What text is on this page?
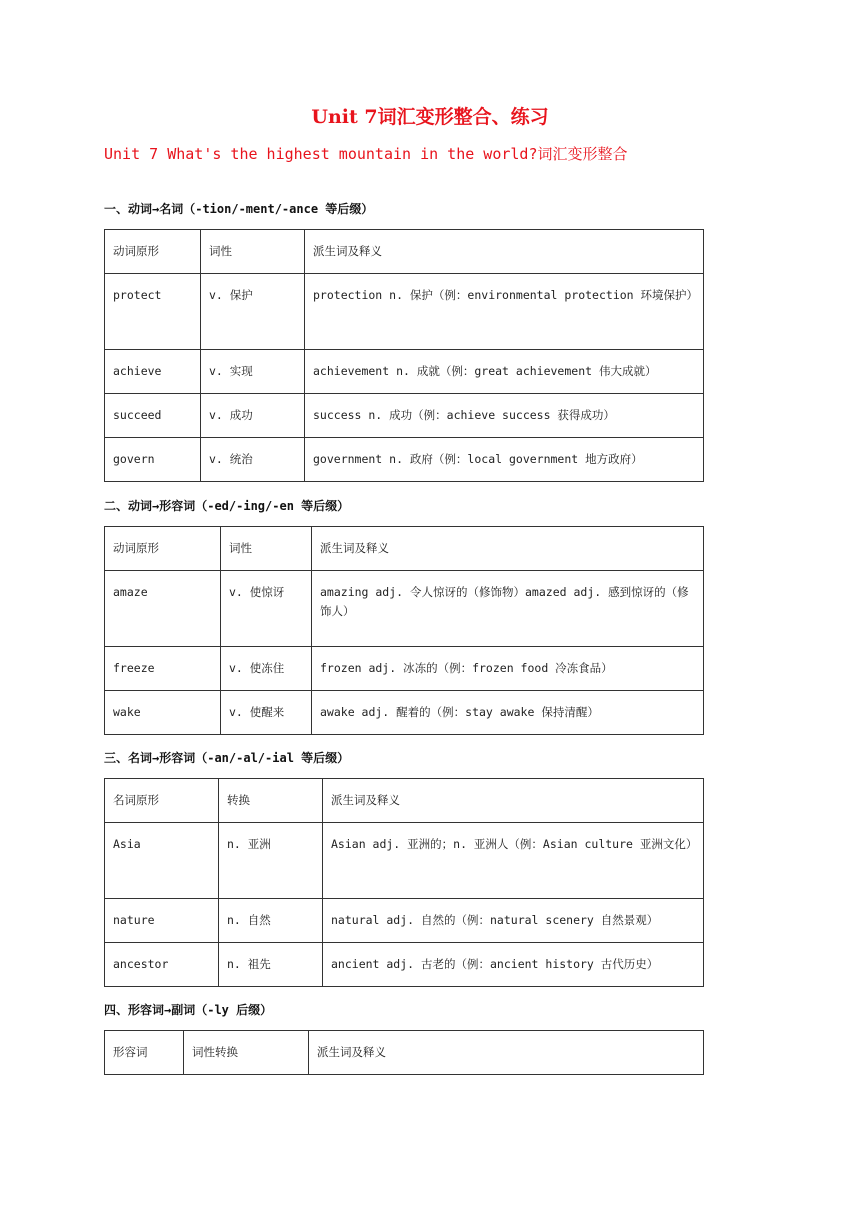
Unit 7词汇变形整合、练习

Unit 7 What's the highest mountain in the world?词汇变形整合

一、动词→名词（-tion/-ment/-ance 等后缀）

动词原形	词性	派生词及释义
protect	v. 保护	protection n. 保护（例：environmental protection 环境保护）
achieve	v. 实现	achievement n. 成就（例：great achievement 伟大成就）
succeed	v. 成功	success n. 成功（例：achieve success 获得成功）
govern	v. 统治	government n. 政府（例：local government 地方政府）

二、动词→形容词（-ed/-ing/-en 等后缀）

动词原形	词性	派生词及释义
amaze	v. 使惊讶	amazing adj. 令人惊讶的（修饰物）amazed adj. 感到惊讶的（修饰人）
freeze	v. 使冻住	frozen adj. 冰冻的（例：frozen food 冷冻食品）
wake	v. 使醒来	awake adj. 醒着的（例：stay awake 保持清醒）

三、名词→形容词（-an/-al/-ial 等后缀）

名词原形	转换	派生词及释义
Asia	n. 亚洲	Asian adj. 亚洲的；n. 亚洲人（例：Asian culture 亚洲文化）
nature	n. 自然	natural adj. 自然的（例：natural scenery 自然景观）
ancestor	n. 祖先	ancient adj. 古老的（例：ancient history 古代历史）

四、形容词→副词（-ly 后缀）

形容词	词性转换	派生词及释义
